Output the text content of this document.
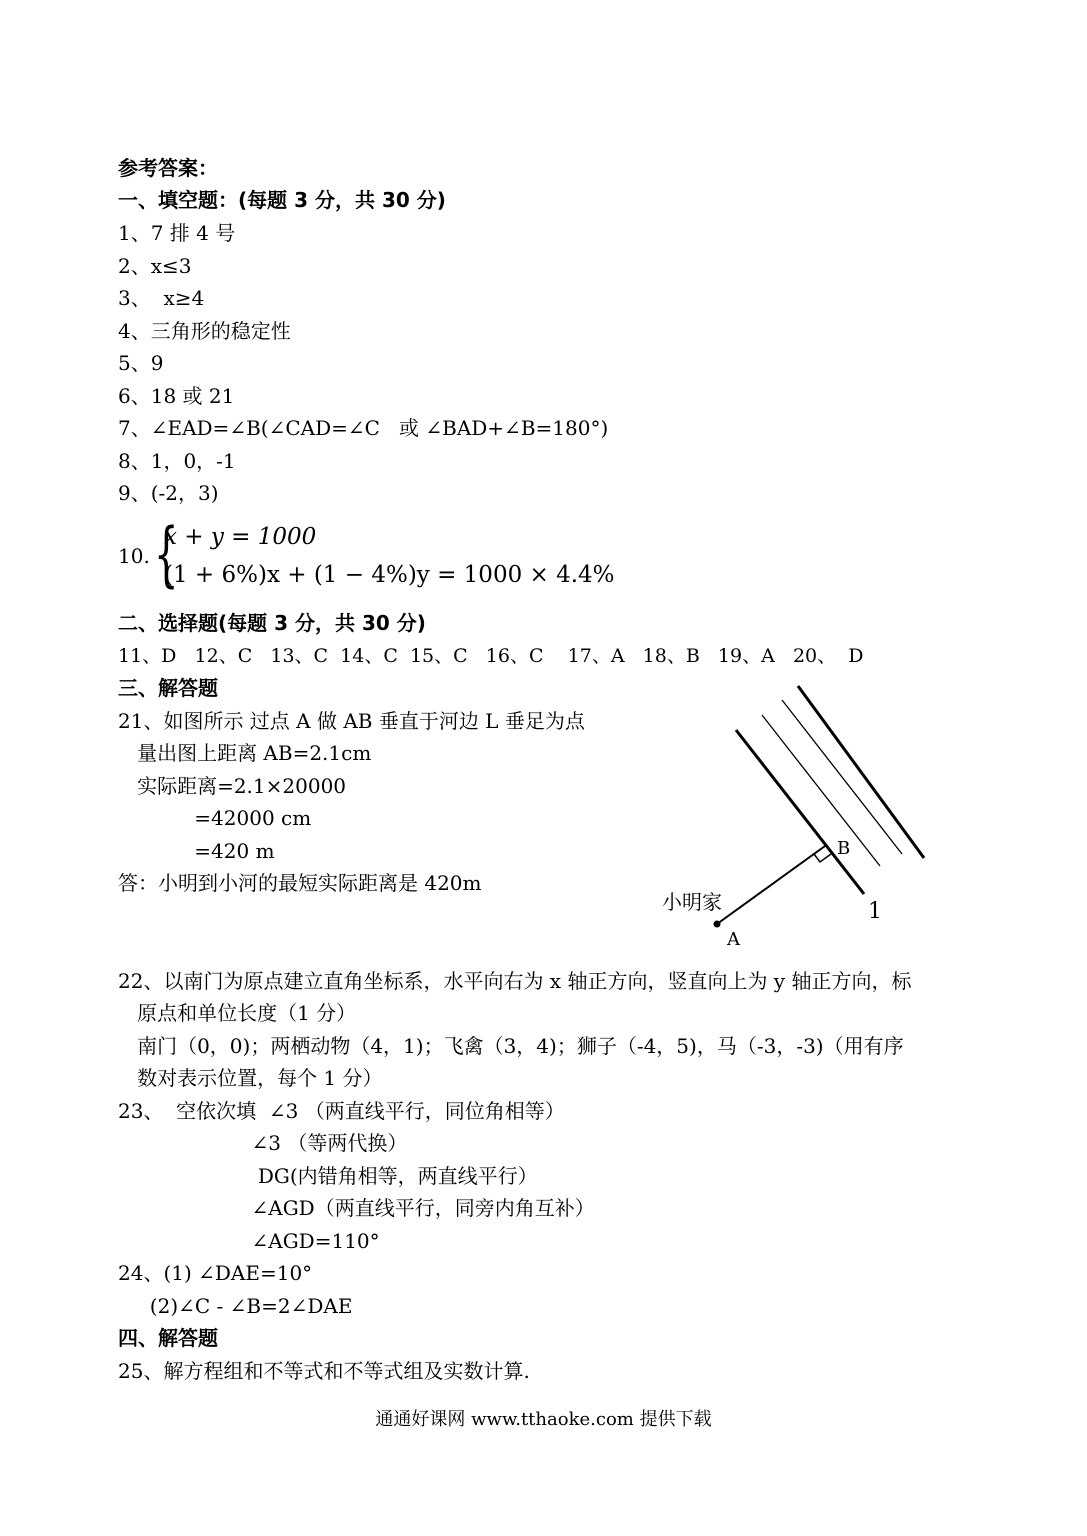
参考答案：
一、填空题：(每题 3 分，共 30 分)
1、7 排 4 号
2、x≤3
3、  x≥4
4、三角形的稳定性
5、9
6、18 或 21
7、∠EAD=∠B(∠CAD=∠C   或 ∠BAD+∠B=180°)
8、1，0，-1
9、(-2，3)
10. {
x + y = 1000
(1 + 6%)x + (1 − 4%)y = 1000 × 4.4%
二、选择题(每题 3 分，共 30 分)
11、D   12、C   13、C  14、C  15、C   16、C    17、A   18、B   19、A   20、  D
三、解答题
21、如图所示 过点 A 做 AB 垂直于河边 L 垂足为点
量出图上距离 AB=2.1cm
实际距离=2.1×20000
=42000 cm
=420 m
答：小明到小河的最短实际距离是 420m
小明家
A
B
1
22、以南门为原点建立直角坐标系，水平向右为 x 轴正方向，竖直向上为 y 轴正方向，标
原点和单位长度（1 分）
南门（0，0)；两栖动物（4，1)；飞禽（3，4)；狮子（-4，5)，马（-3，-3)（用有序
数对表示位置，每个 1 分）
23、  空依次填  ∠3 （两直线平行，同位角相等）
∠3 （等两代换）
DG(内错角相等，两直线平行）
∠AGD（两直线平行，同旁内角互补）
∠AGD=110°
24、(1) ∠DAE=10°
(2)∠C - ∠B=2∠DAE
四、解答题
25、解方程组和不等式和不等式组及实数计算.
通通好课网 www.tthaoke.com 提供下载
